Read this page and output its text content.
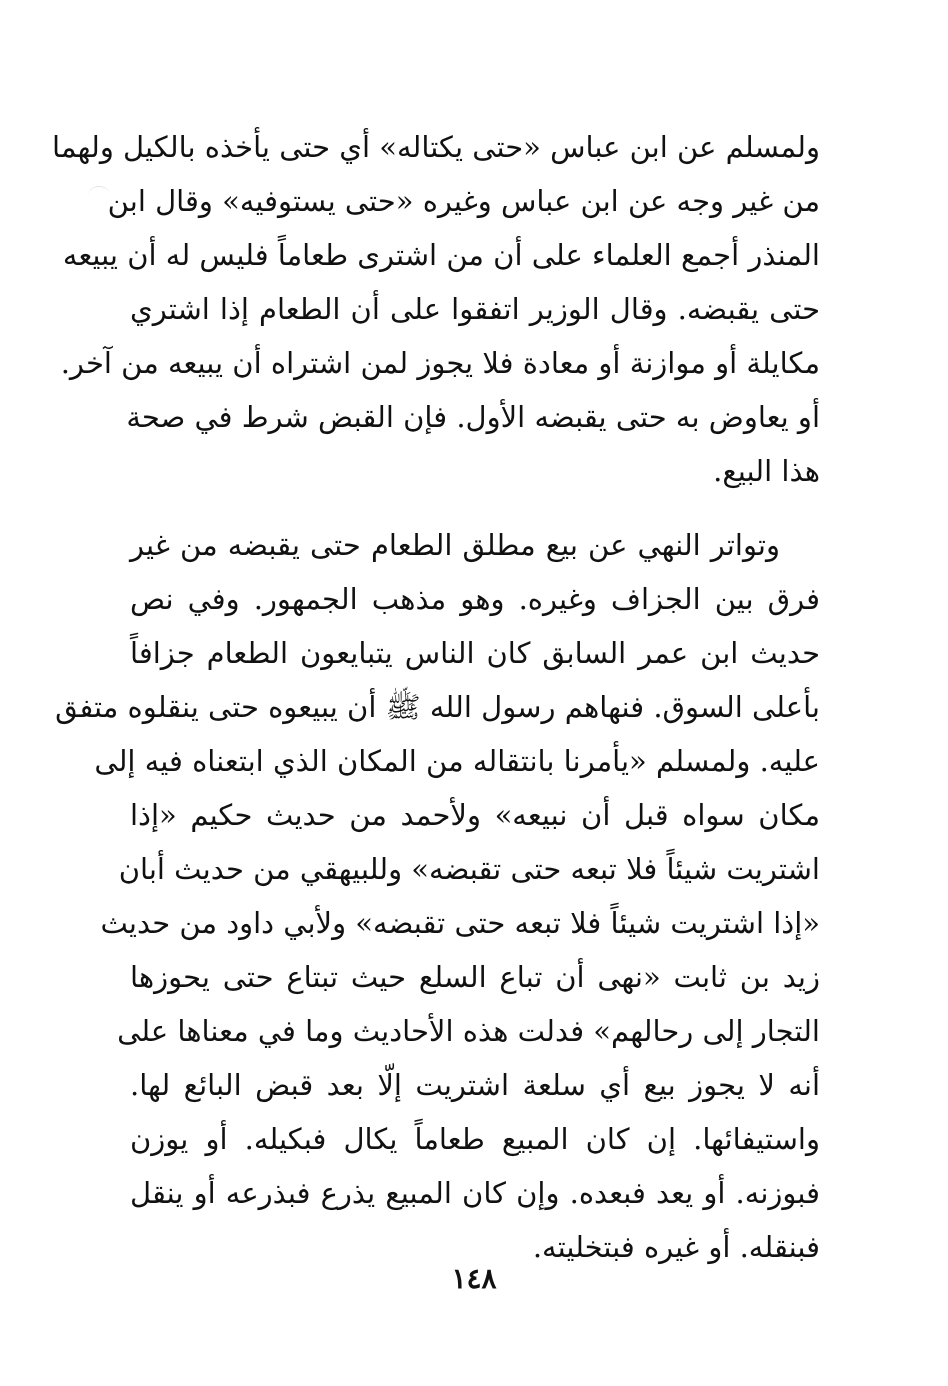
ولمسلم عن ابن عباس «حتى يكتاله» أي حتى يأخذه بالكيل ولهما
من غير وجه عن ابن عباس وغيره «حتى يستوفيه» وقال ابن
المنذر أجمع العلماء على أن من اشترى طعاماً فليس له أن يبيعه
حتى يقبضه. وقال الوزير اتفقوا على أن الطعام إذا اشتري
مكايلة أو موازنة أو معادة فلا يجوز لمن اشتراه أن يبيعه من آخر.
أو يعاوض به حتى يقبضه الأول. فإن القبض شرط في صحة
هذا البيع.
وتواتر النهي عن بيع مطلق الطعام حتى يقبضه من غير
فرق بين الجزاف وغيره. وهو مذهب الجمهور. وفي نص
حديث ابن عمر السابق كان الناس يتبايعون الطعام جزافاً
بأعلى السوق. فنهاهم رسول الله ﷺ أن يبيعوه حتى ينقلوه متفق
عليه. ولمسلم «يأمرنا بانتقاله من المكان الذي ابتعناه فيه إلى
مكان سواه قبل أن نبيعه» ولأحمد من حديث حكيم «إذا
اشتريت شيئاً فلا تبعه حتى تقبضه» وللبيهقي من حديث أبان
«إذا اشتريت شيئاً فلا تبعه حتى تقبضه» ولأبي داود من حديث
زيد بن ثابت «نهى أن تباع السلع حيث تبتاع حتى يحوزها
التجار إلى رحالهم» فدلت هذه الأحاديث وما في معناها على
أنه لا يجوز بيع أي سلعة اشتريت إلّا بعد قبض البائع لها.
واستيفائها. إن كان المبيع طعاماً يكال فبكيله. أو يوزن
فبوزنه. أو يعد فبعده. وإن كان المبيع يذرع فبذرعه أو ينقل
فبنقله. أو غيره فبتخليته.
١٤٨
